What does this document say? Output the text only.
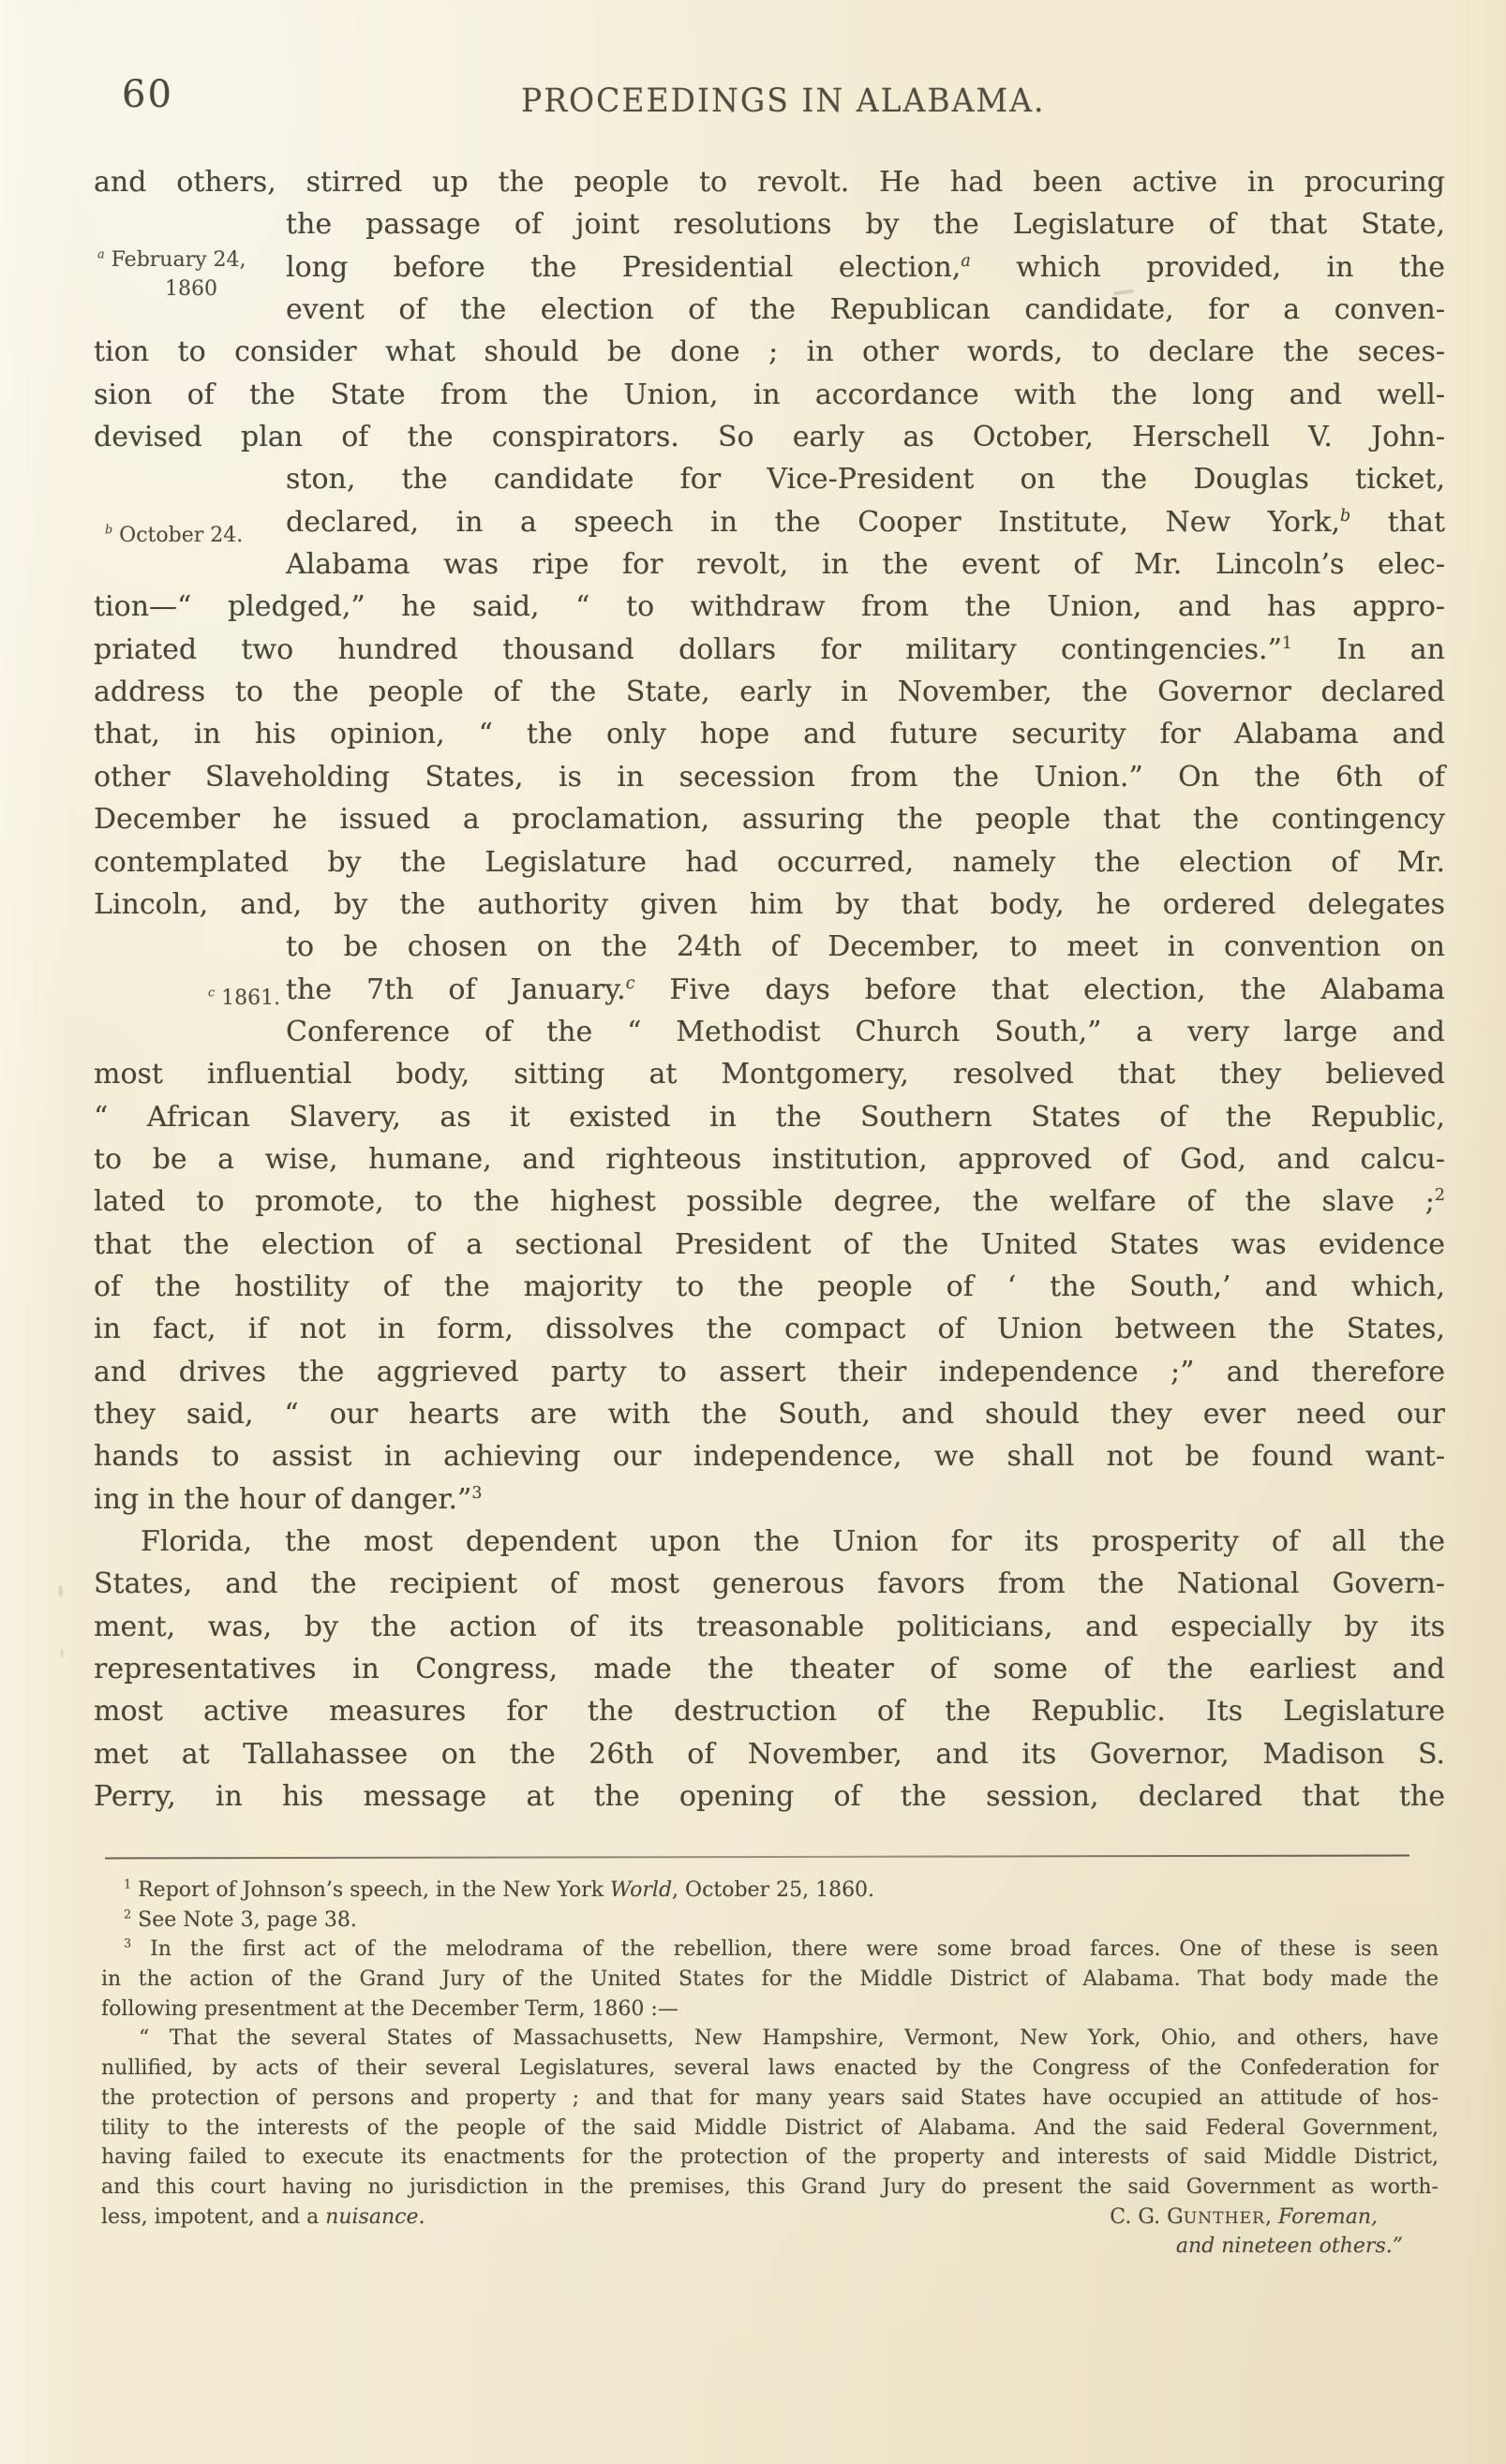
60	PROCEEDINGS IN ALABAMA.
$^a$ February 24,
1860
$^b$ October 24.
$^c$ 1861.
and others, stirred up the people to revolt. He had been active in procuring
the passage of joint resolutions by the Legislature of that State,
long before the Presidential election,$^a$ which provided, in the
event of the election of the Republican candidate, for a conven-
tion to consider what should be done ; in other words, to declare the seces-
sion of the State from the Union, in accordance with the long and well-
devised plan of the conspirators. So early as October, Herschell V. John-
ston, the candidate for Vice-President on the Douglas ticket,
declared, in a speech in the Cooper Institute, New York,$^b$ that
Alabama was ripe for revolt, in the event of Mr. Lincoln’s elec-
tion—“ pledged,” he said, “ to withdraw from the Union, and has appro-
priated two hundred thousand dollars for military contingencies.”$^1$ In an
address to the people of the State, early in November, the Governor declared
that, in his opinion, “ the only hope and future security for Alabama and
other Slaveholding States, is in secession from the Union.” On the 6th of
December he issued a proclamation, assuring the people that the contingency
contemplated by the Legislature had occurred, namely the election of Mr.
Lincoln, and, by the authority given him by that body, he ordered delegates
to be chosen on the 24th of December, to meet in convention on
the 7th of January.$^c$ Five days before that election, the Alabama
Conference of the “ Methodist Church South,” a very large and
most influential body, sitting at Montgomery, resolved that they believed
“ African Slavery, as it existed in the Southern States of the Republic,
to be a wise, humane, and righteous institution, approved of God, and calcu-
lated to promote, to the highest possible degree, the welfare of the slave ;$^2$
that the election of a sectional President of the United States was evidence
of the hostility of the majority to the people of ‘ the South,’ and which,
in fact, if not in form, dissolves the compact of Union between the States,
and drives the aggrieved party to assert their independence ;” and therefore
they said, “ our hearts are with the South, and should they ever need our
hands to assist in achieving our independence, we shall not be found want-
ing in the hour of danger.”$^3$
Florida, the most dependent upon the Union for its prosperity of all the
States, and the recipient of most generous favors from the National Govern-
ment, was, by the action of its treasonable politicians, and especially by its
representatives in Congress, made the theater of some of the earliest and
most active measures for the destruction of the Republic. Its Legislature
met at Tallahassee on the 26th of November, and its Governor, Madison S.
Perry, in his message at the opening of the session, declared that the
$^1$ Report of Johnson’s speech, in the New York World, October 25, 1860.
$^2$ See Note 3, page 38.
$^3$ In the first act of the melodrama of the rebellion, there were some broad farces. One of these is seen
in the action of the Grand Jury of the United States for the Middle District of Alabama. That body made the
following presentment at the December Term, 1860 :—
“ That the several States of Massachusetts, New Hampshire, Vermont, New York, Ohio, and others, have
nullified, by acts of their several Legislatures, several laws enacted by the Congress of the Confederation for
the protection of persons and property ; and that for many years said States have occupied an attitude of hos-
tility to the interests of the people of the said Middle District of Alabama. And the said Federal Government,
having failed to execute its enactments for the protection of the property and interests of said Middle District,
and this court having no jurisdiction in the premises, this Grand Jury do present the said Government as worth-
less, impotent, and a nuisance.	C. G. GUNTHER, Foreman,
and nineteen others.”
